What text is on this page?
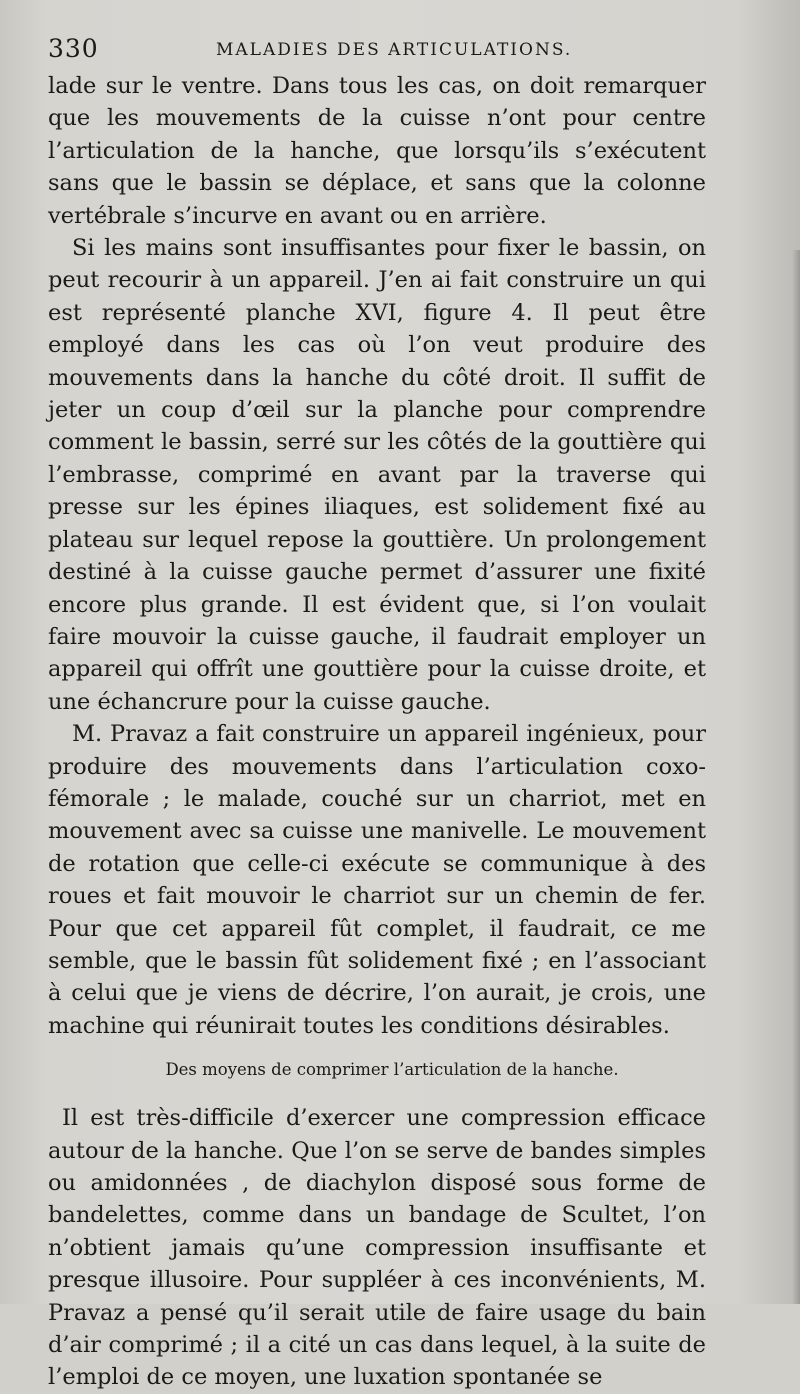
330	MALADIES DES ARTICULATIONS.

lade sur le ventre. Dans tous les cas, on doit remarquer que les mouvements de la cuisse n’ont pour centre l’articulation de la hanche, que lorsqu’ils s’exécutent sans que le bassin se déplace, et sans que la colonne vertébrale s’incurve en avant ou en arrière.

Si les mains sont insuffisantes pour fixer le bassin, on peut recourir à un appareil. J’en ai fait construire un qui est représenté planche XVI, figure 4. Il peut être employé dans les cas où l’on veut produire des mouvements dans la hanche du côté droit. Il suffit de jeter un coup d’œil sur la planche pour comprendre comment le bassin, serré sur les côtés de la gouttière qui l’embrasse, comprimé en avant par la traverse qui presse sur les épines iliaques, est solidement fixé au plateau sur lequel repose la gouttière. Un prolongement destiné à la cuisse gauche permet d’assurer une fixité encore plus grande. Il est évident que, si l’on voulait faire mouvoir la cuisse gauche, il faudrait employer un appareil qui offrît une gouttière pour la cuisse droite, et une échancrure pour la cuisse gauche.

M. Pravaz a fait construire un appareil ingénieux, pour produire des mouvements dans l’articulation coxo-fémorale ; le malade, couché sur un charriot, met en mouvement avec sa cuisse une manivelle. Le mouvement de rotation que celle-ci exécute se communique à des roues et fait mouvoir le charriot sur un chemin de fer. Pour que cet appareil fût complet, il faudrait, ce me semble, que le bassin fût solidement fixé ; en l’associant à celui que je viens de décrire, l’on aurait, je crois, une machine qui réunirait toutes les conditions désirables.

Des moyens de comprimer l’articulation de la hanche.

Il est très-difficile d’exercer une compression efficace autour de la hanche. Que l’on se serve de bandes simples ou amidonnées , de diachylon disposé sous forme de bandelettes, comme dans un bandage de Scultet, l’on n’obtient jamais qu’une compression insuffisante et presque illusoire. Pour suppléer à ces inconvénients, M. Pravaz a pensé qu’il serait utile de faire usage du bain d’air comprimé ; il a cité un cas dans lequel, à la suite de l’emploi de ce moyen, une luxation spontanée se
